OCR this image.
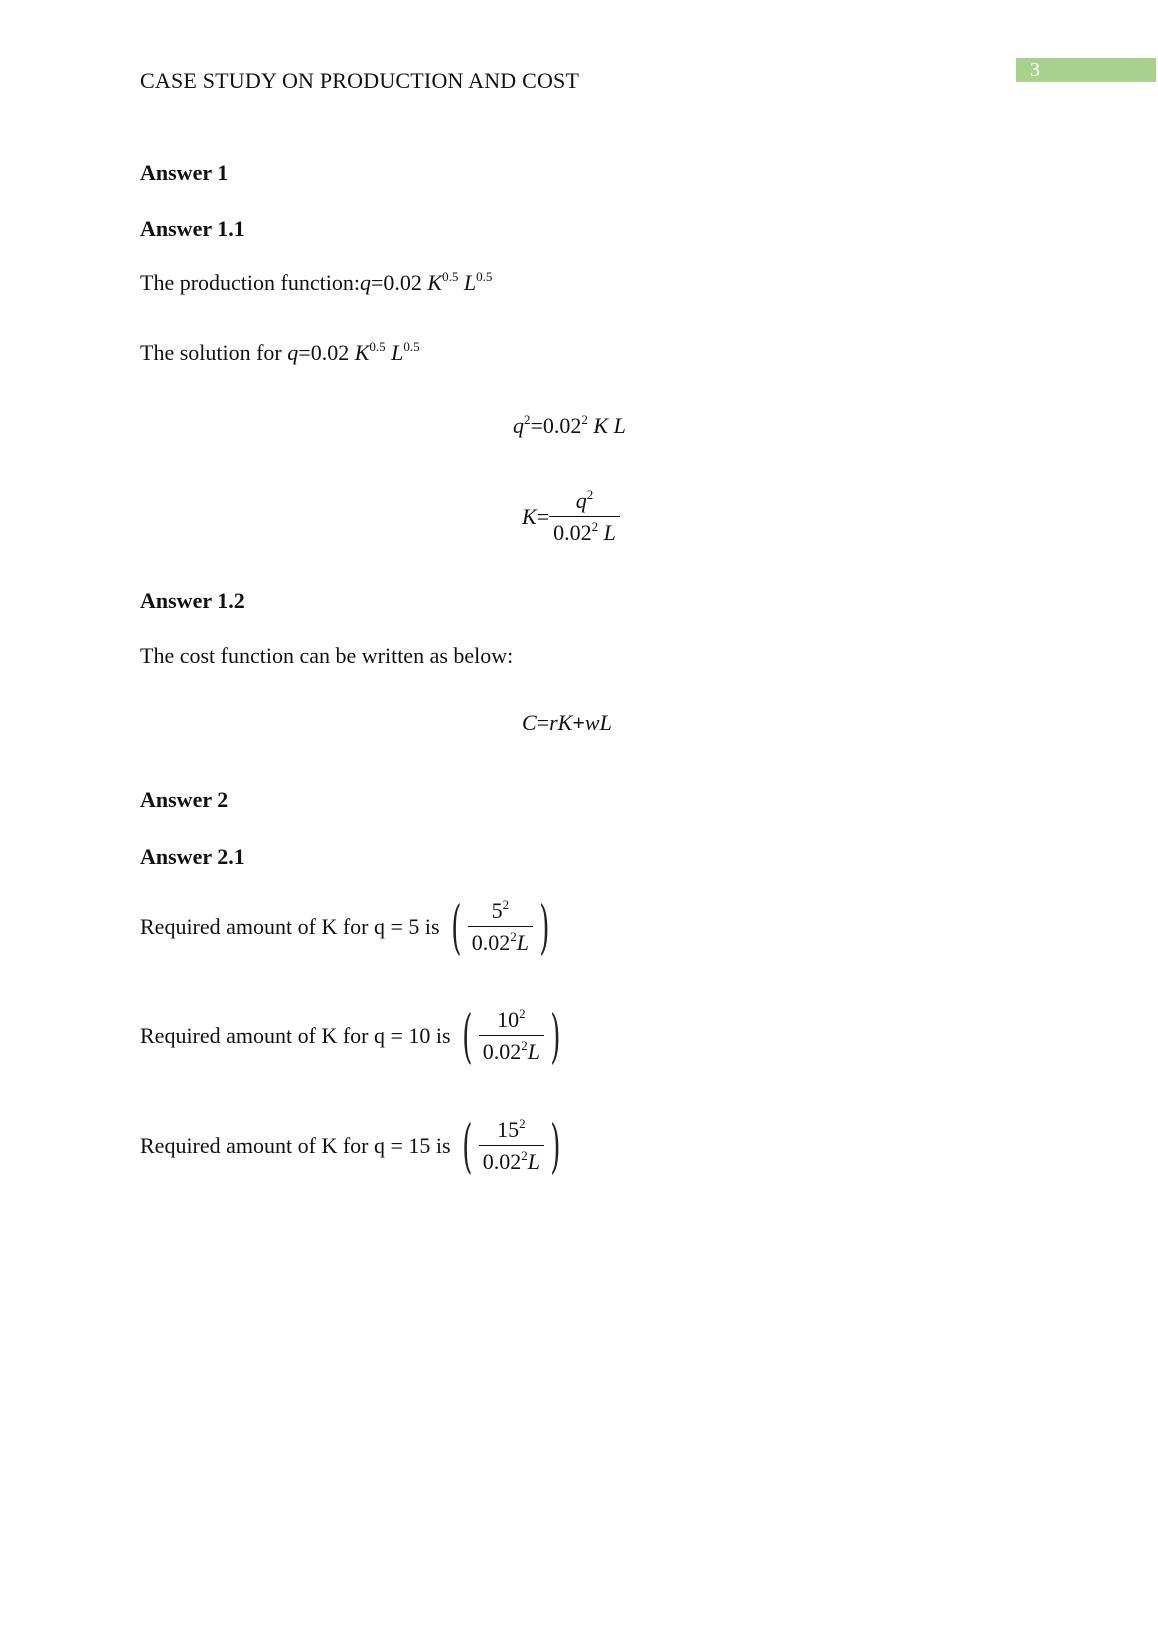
CASE STUDY ON PRODUCTION AND COST	3
Answer 1
Answer 1.1
The production function:q=0.02 $K^{0.5}$ $L^{0.5}$
The solution for q=0.02 $K^{0.5}$ $L^{0.5}$
$q^2=0.02^2$ K L
$K = \frac{q^2}{0.02^2 L}$
Answer 1.2
The cost function can be written as below:
C=rK+wL
Answer 2
Answer 2.1
Required amount of K for q = 5 is
( $\frac{5^2}{0.02^2L}$ )
Required amount of K for q = 10 is
( $\frac{10^2}{0.02^2L}$ )
Required amount of K for q = 15 is
( $\frac{15^2}{0.02^2L}$ )
